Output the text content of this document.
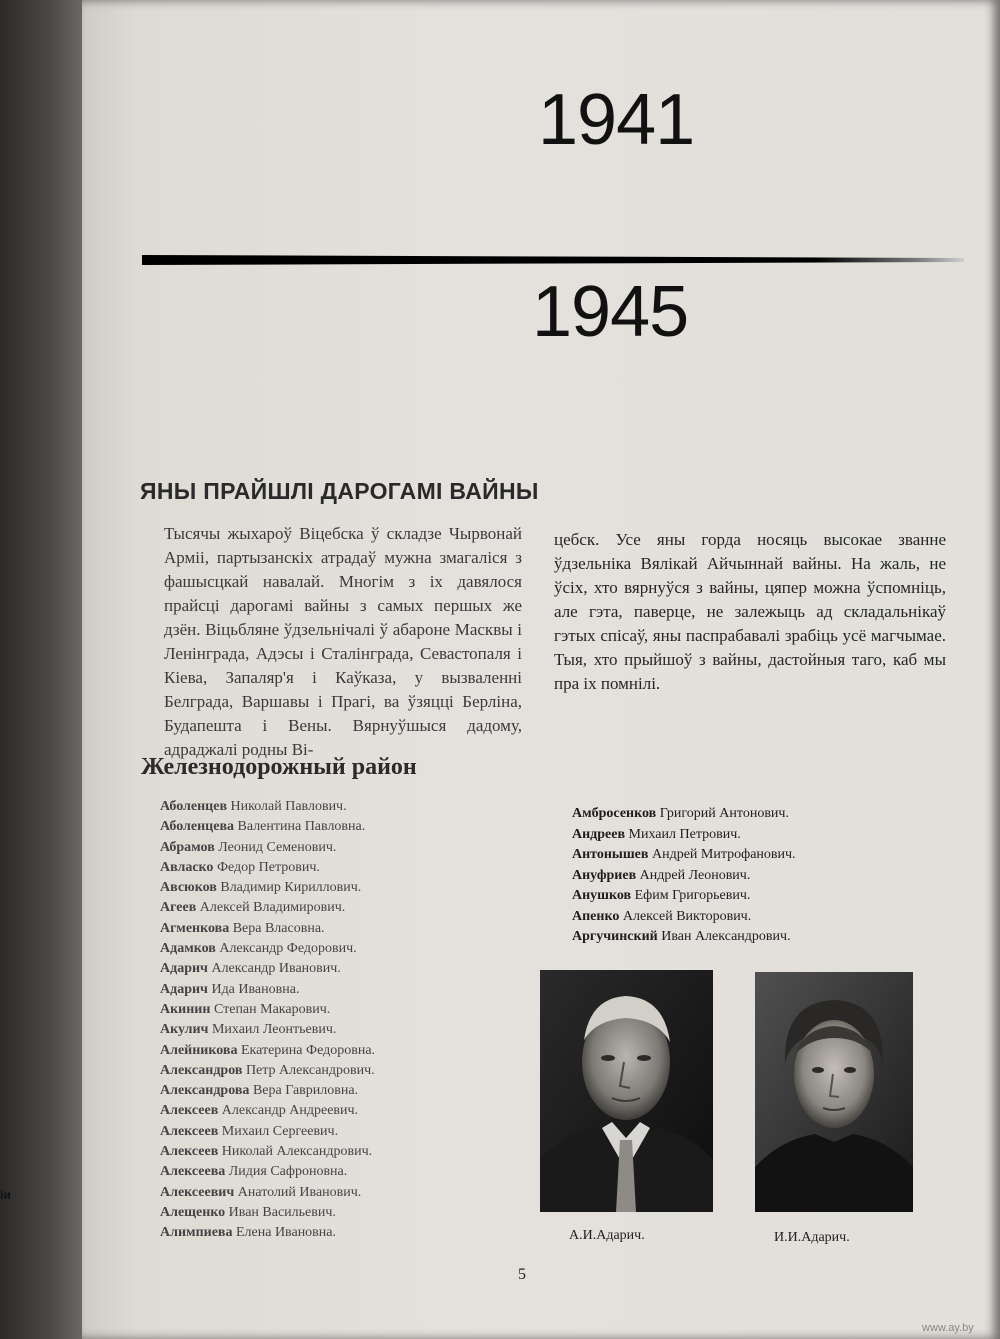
іи
1941
1945
ЯНЫ ПРАЙШЛІ ДАРОГАМІ ВАЙНЫ
Тысячы жыхароў Віцебска ў складзе Чырвонай Арміі, партызанскіх атрадаў мужна змагаліся з фашысцкай навалай. Многім з іх давялося прайсці дарогамі вайны з самых першых же дзён. Віцьбляне ўдзельнічалі ў абароне Масквы і Ленінграда, Адэсы і Сталінграда, Севастопаля і Кіева, Запаляр'я і Каўказа, у вызваленні Белграда, Варшавы і Прагі, ва ўзяцці Берліна, Будапешта і Вены. Вярнуўшыся дадому, адраджалі родны Ві-
цебск. Усе яны горда носяць высокае званне ўдзельніка Вялікай Айчыннай вайны. На жаль, не ўсіх, хто вярнуўся з вайны, цяпер можна ўспомніць, але гэта, паверце, не залежыць ад складальнікаў гэтых спісаў, яны паспрабавалі зрабіць усё магчымае. Тыя, хто прыйшоў з вайны, дастойныя таго, каб мы пра іх помнілі.
Железнодорожный район
Аболенцев Николай Павлович.
Аболенцева Валентина Павловна.
Абрамов Леонид Семенович.
Авласко Федор Петрович.
Авсюков Владимир Кириллович.
Агеев Алексей Владимирович.
Агменкова Вера Власовна.
Адамков Александр Федорович.
Адарич Александр Иванович.
Адарич Ида Ивановна.
Акинин Степан Макарович.
Акулич Михаил Леонтьевич.
Алейникова Екатерина Федоровна.
Александров Петр Александрович.
Александрова Вера Гавриловна.
Алексеев Александр Андреевич.
Алексеев Михаил Сергеевич.
Алексеев Николай Александрович.
Алексеева Лидия Сафроновна.
Алексеевич Анатолий Иванович.
Алещенко Иван Васильевич.
Алимпиева Елена Ивановна.
Амбросенков Григорий Антонович.
Андреев Михаил Петрович.
Антонышев Андрей Митрофанович.
Ануфриев Андрей Леонович.
Анушков Ефим Григорьевич.
Апенко Алексей Викторович.
Аргучинский Иван Александрович.
А.И.Адарич.	И.И.Адарич.
5
www.ay.by
